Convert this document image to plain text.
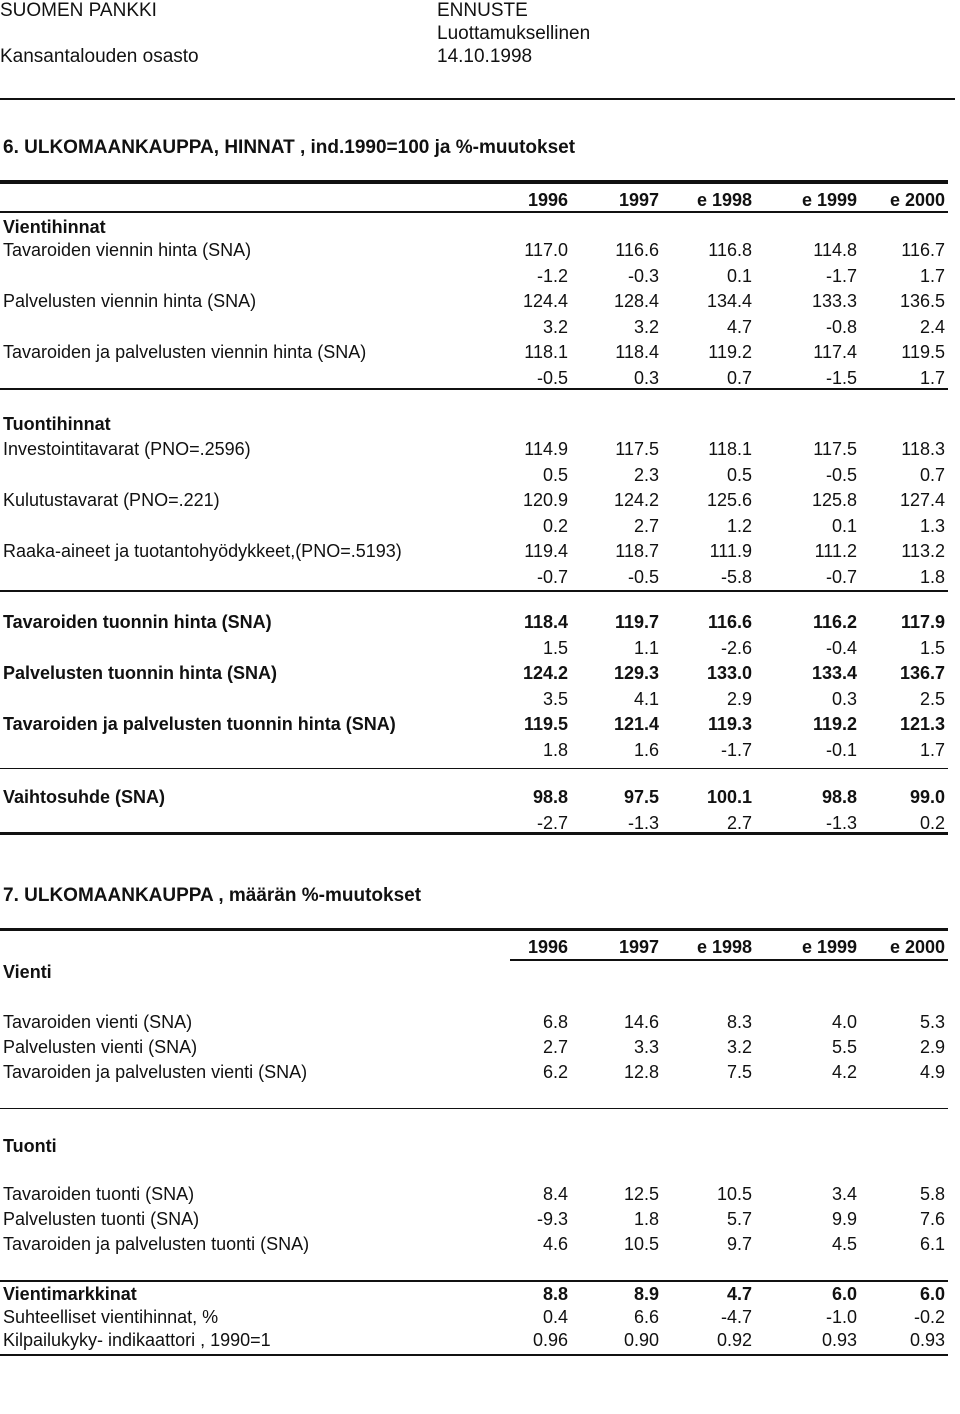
SUOMEN PANKKI
Kansantalouden osasto
ENNUSTE
Luottamuksellinen
14.10.1998
6. ULKOMAANKAUPPA, HINNAT , ind.1990=100 ja %-muutokset
1996	1997	e 1998	e 1999	e 2000
Vientihinnat
Tavaroiden viennin hinta (SNA)	117.0	116.6	116.8	114.8	116.7
-1.2	-0.3	0.1	-1.7	1.7
Palvelusten viennin hinta (SNA)	124.4	128.4	134.4	133.3	136.5
3.2	3.2	4.7	-0.8	2.4
Tavaroiden ja palvelusten viennin hinta (SNA)	118.1	118.4	119.2	117.4	119.5
-0.5	0.3	0.7	-1.5	1.7
Tuontihinnat
Investointitavarat (PNO=.2596)	114.9	117.5	118.1	117.5	118.3
0.5	2.3	0.5	-0.5	0.7
Kulutustavarat (PNO=.221)	120.9	124.2	125.6	125.8	127.4
0.2	2.7	1.2	0.1	1.3
Raaka-aineet ja tuotantohyödykkeet,(PNO=.5193)	119.4	118.7	111.9	111.2	113.2
-0.7	-0.5	-5.8	-0.7	1.8
Tavaroiden tuonnin hinta (SNA)	118.4	119.7	116.6	116.2	117.9
1.5	1.1	-2.6	-0.4	1.5
Palvelusten tuonnin hinta (SNA)	124.2	129.3	133.0	133.4	136.7
3.5	4.1	2.9	0.3	2.5
Tavaroiden ja palvelusten tuonnin hinta (SNA)	119.5	121.4	119.3	119.2	121.3
1.8	1.6	-1.7	-0.1	1.7
Vaihtosuhde (SNA)	98.8	97.5	100.1	98.8	99.0
-2.7	-1.3	2.7	-1.3	0.2
7. ULKOMAANKAUPPA , määrän %-muutokset
1996	1997	e 1998	e 1999	e 2000
Vienti
Tavaroiden vienti (SNA)	6.8	14.6	8.3	4.0	5.3
Palvelusten vienti (SNA)	2.7	3.3	3.2	5.5	2.9
Tavaroiden ja palvelusten vienti (SNA)	6.2	12.8	7.5	4.2	4.9
Tuonti
Tavaroiden tuonti (SNA)	8.4	12.5	10.5	3.4	5.8
Palvelusten tuonti (SNA)	-9.3	1.8	5.7	9.9	7.6
Tavaroiden ja palvelusten tuonti (SNA)	4.6	10.5	9.7	4.5	6.1
Vientimarkkinat	8.8	8.9	4.7	6.0	6.0
Suhteelliset vientihinnat, %	0.4	6.6	-4.7	-1.0	-0.2
Kilpailukyky- indikaattori , 1990=1	0.96	0.90	0.92	0.93	0.93
